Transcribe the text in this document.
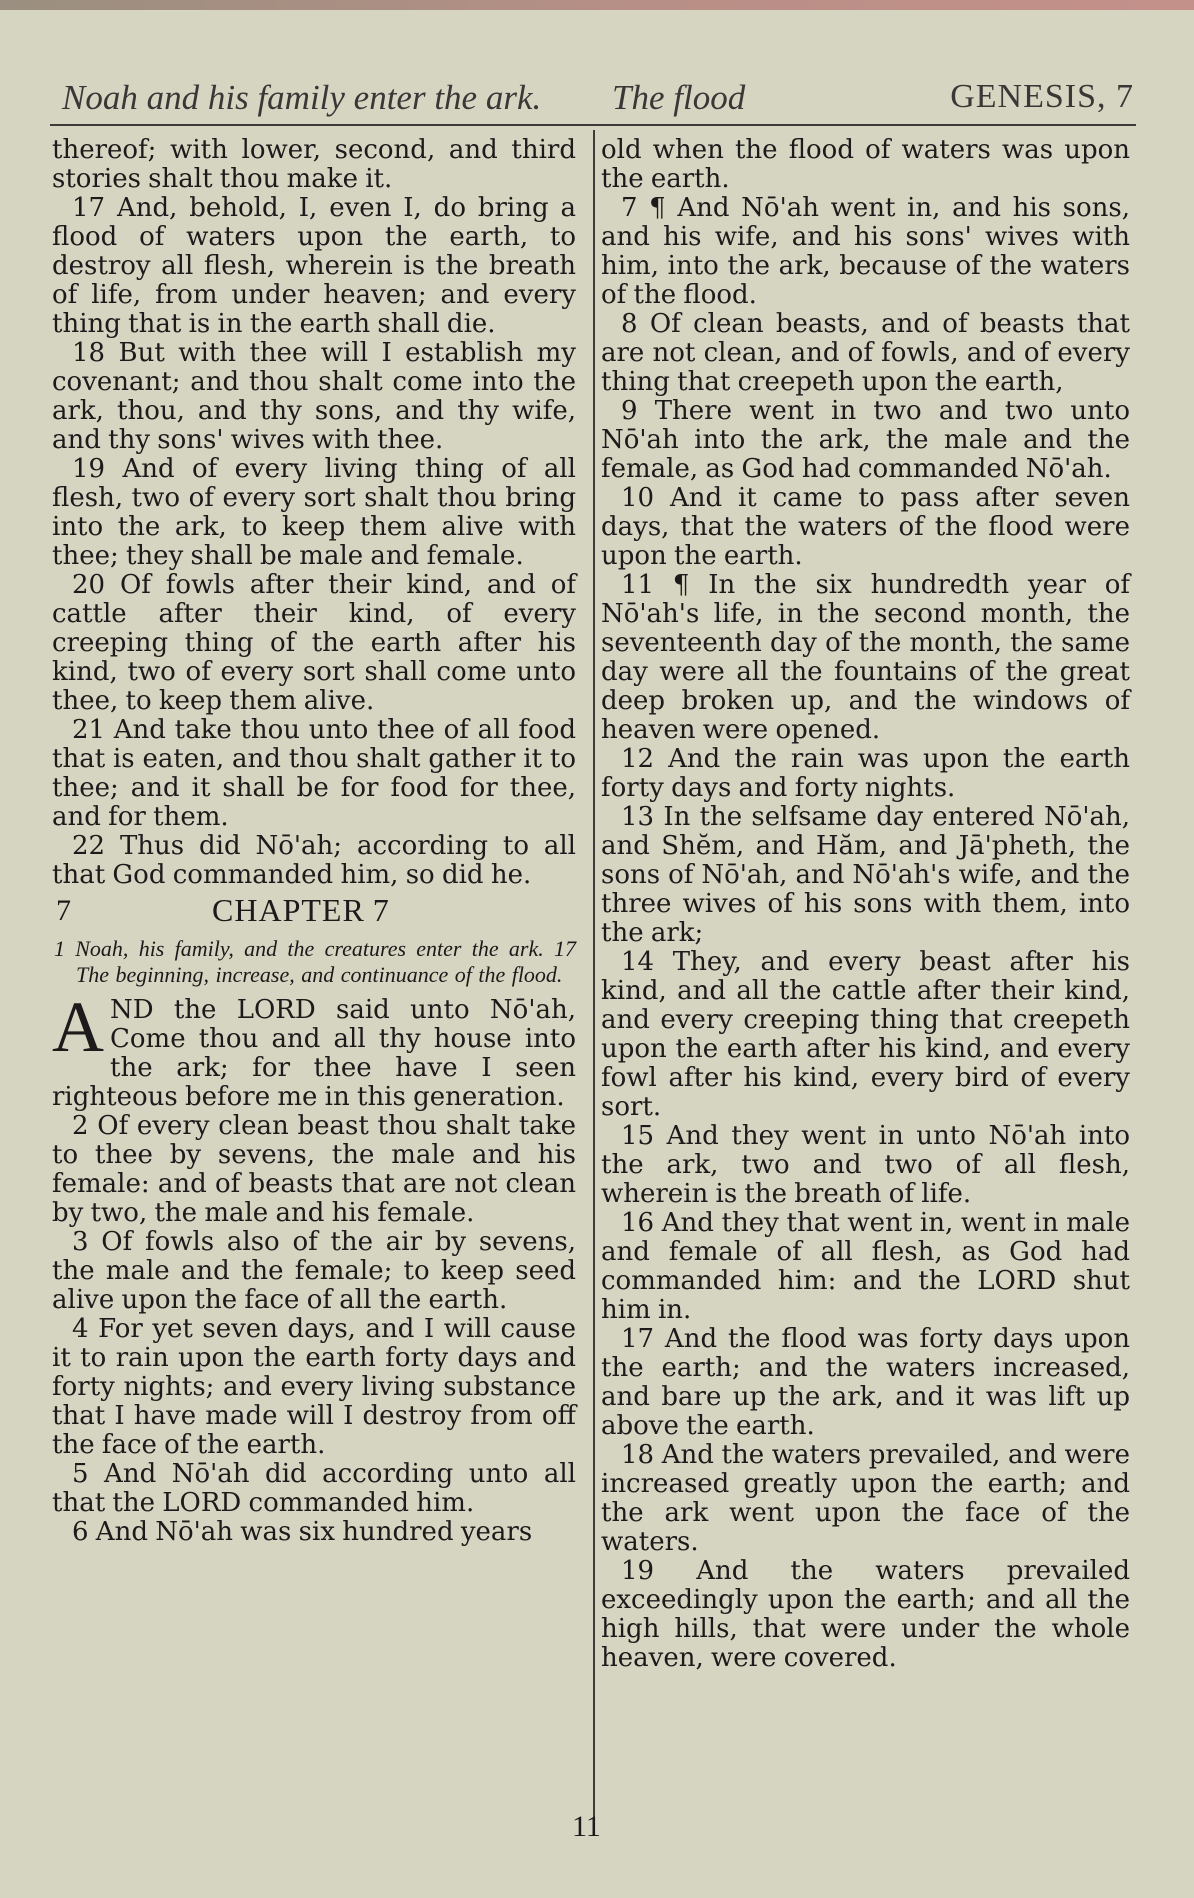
Noah and his family enter the ark. The flood	GENESIS, 7
thereof; with lower, second, and third stories shalt thou make it.
17 And, behold, I, even I, do bring a flood of waters upon the earth, to destroy all flesh, wherein is the breath of life, from under heaven; and every thing that is in the earth shall die.
18 But with thee will I establish my covenant; and thou shalt come into the ark, thou, and thy sons, and thy wife, and thy sons' wives with thee.
19 And of every living thing of all flesh, two of every sort shalt thou bring into the ark, to keep them alive with thee; they shall be male and female.
20 Of fowls after their kind, and of cattle after their kind, of every creeping thing of the earth after his kind, two of every sort shall come unto thee, to keep them alive.
21 And take thou unto thee of all food that is eaten, and thou shalt gather it to thee; and it shall be for food for thee, and for them.
22 Thus did Nō'ah; according to all that God commanded him, so did he.
7	CHAPTER 7
1 Noah, his family, and the creatures enter the ark. 17 The beginning, increase, and continuance of the flood.
A ND the LORD said unto Nō'ah, Come thou and all thy house into the ark; for thee have I seen righteous before me in this generation.
2 Of every clean beast thou shalt take to thee by sevens, the male and his female: and of beasts that are not clean by two, the male and his female.
3 Of fowls also of the air by sevens, the male and the female; to keep seed alive upon the face of all the earth.
4 For yet seven days, and I will cause it to rain upon the earth forty days and forty nights; and every living substance that I have made will I destroy from off the face of the earth.
5 And Nō'ah did according unto all that the LORD commanded him.
6 And Nō'ah was six hundred years
old when the flood of waters was upon the earth.
7 ¶ And Nō'ah went in, and his sons, and his wife, and his sons' wives with him, into the ark, because of the waters of the flood.
8 Of clean beasts, and of beasts that are not clean, and of fowls, and of every thing that creepeth upon the earth,
9 There went in two and two unto Nō'ah into the ark, the male and the female, as God had commanded Nō'ah.
10 And it came to pass after seven days, that the waters of the flood were upon the earth.
11 ¶ In the six hundredth year of Nō'ah's life, in the second month, the seventeenth day of the month, the same day were all the fountains of the great deep broken up, and the windows of heaven were opened.
12 And the rain was upon the earth forty days and forty nights.
13 In the selfsame day entered Nō'ah, and Shĕm, and Hăm, and Jā'pheth, the sons of Nō'ah, and Nō'ah's wife, and the three wives of his sons with them, into the ark;
14 They, and every beast after his kind, and all the cattle after their kind, and every creeping thing that creepeth upon the earth after his kind, and every fowl after his kind, every bird of every sort.
15 And they went in unto Nō'ah into the ark, two and two of all flesh, wherein is the breath of life.
16 And they that went in, went in male and female of all flesh, as God had commanded him: and the LORD shut him in.
17 And the flood was forty days upon the earth; and the waters increased, and bare up the ark, and it was lift up above the earth.
18 And the waters prevailed, and were increased greatly upon the earth; and the ark went upon the face of the waters.
19 And the waters prevailed exceedingly upon the earth; and all the high hills, that were under the whole heaven, were covered.
11
